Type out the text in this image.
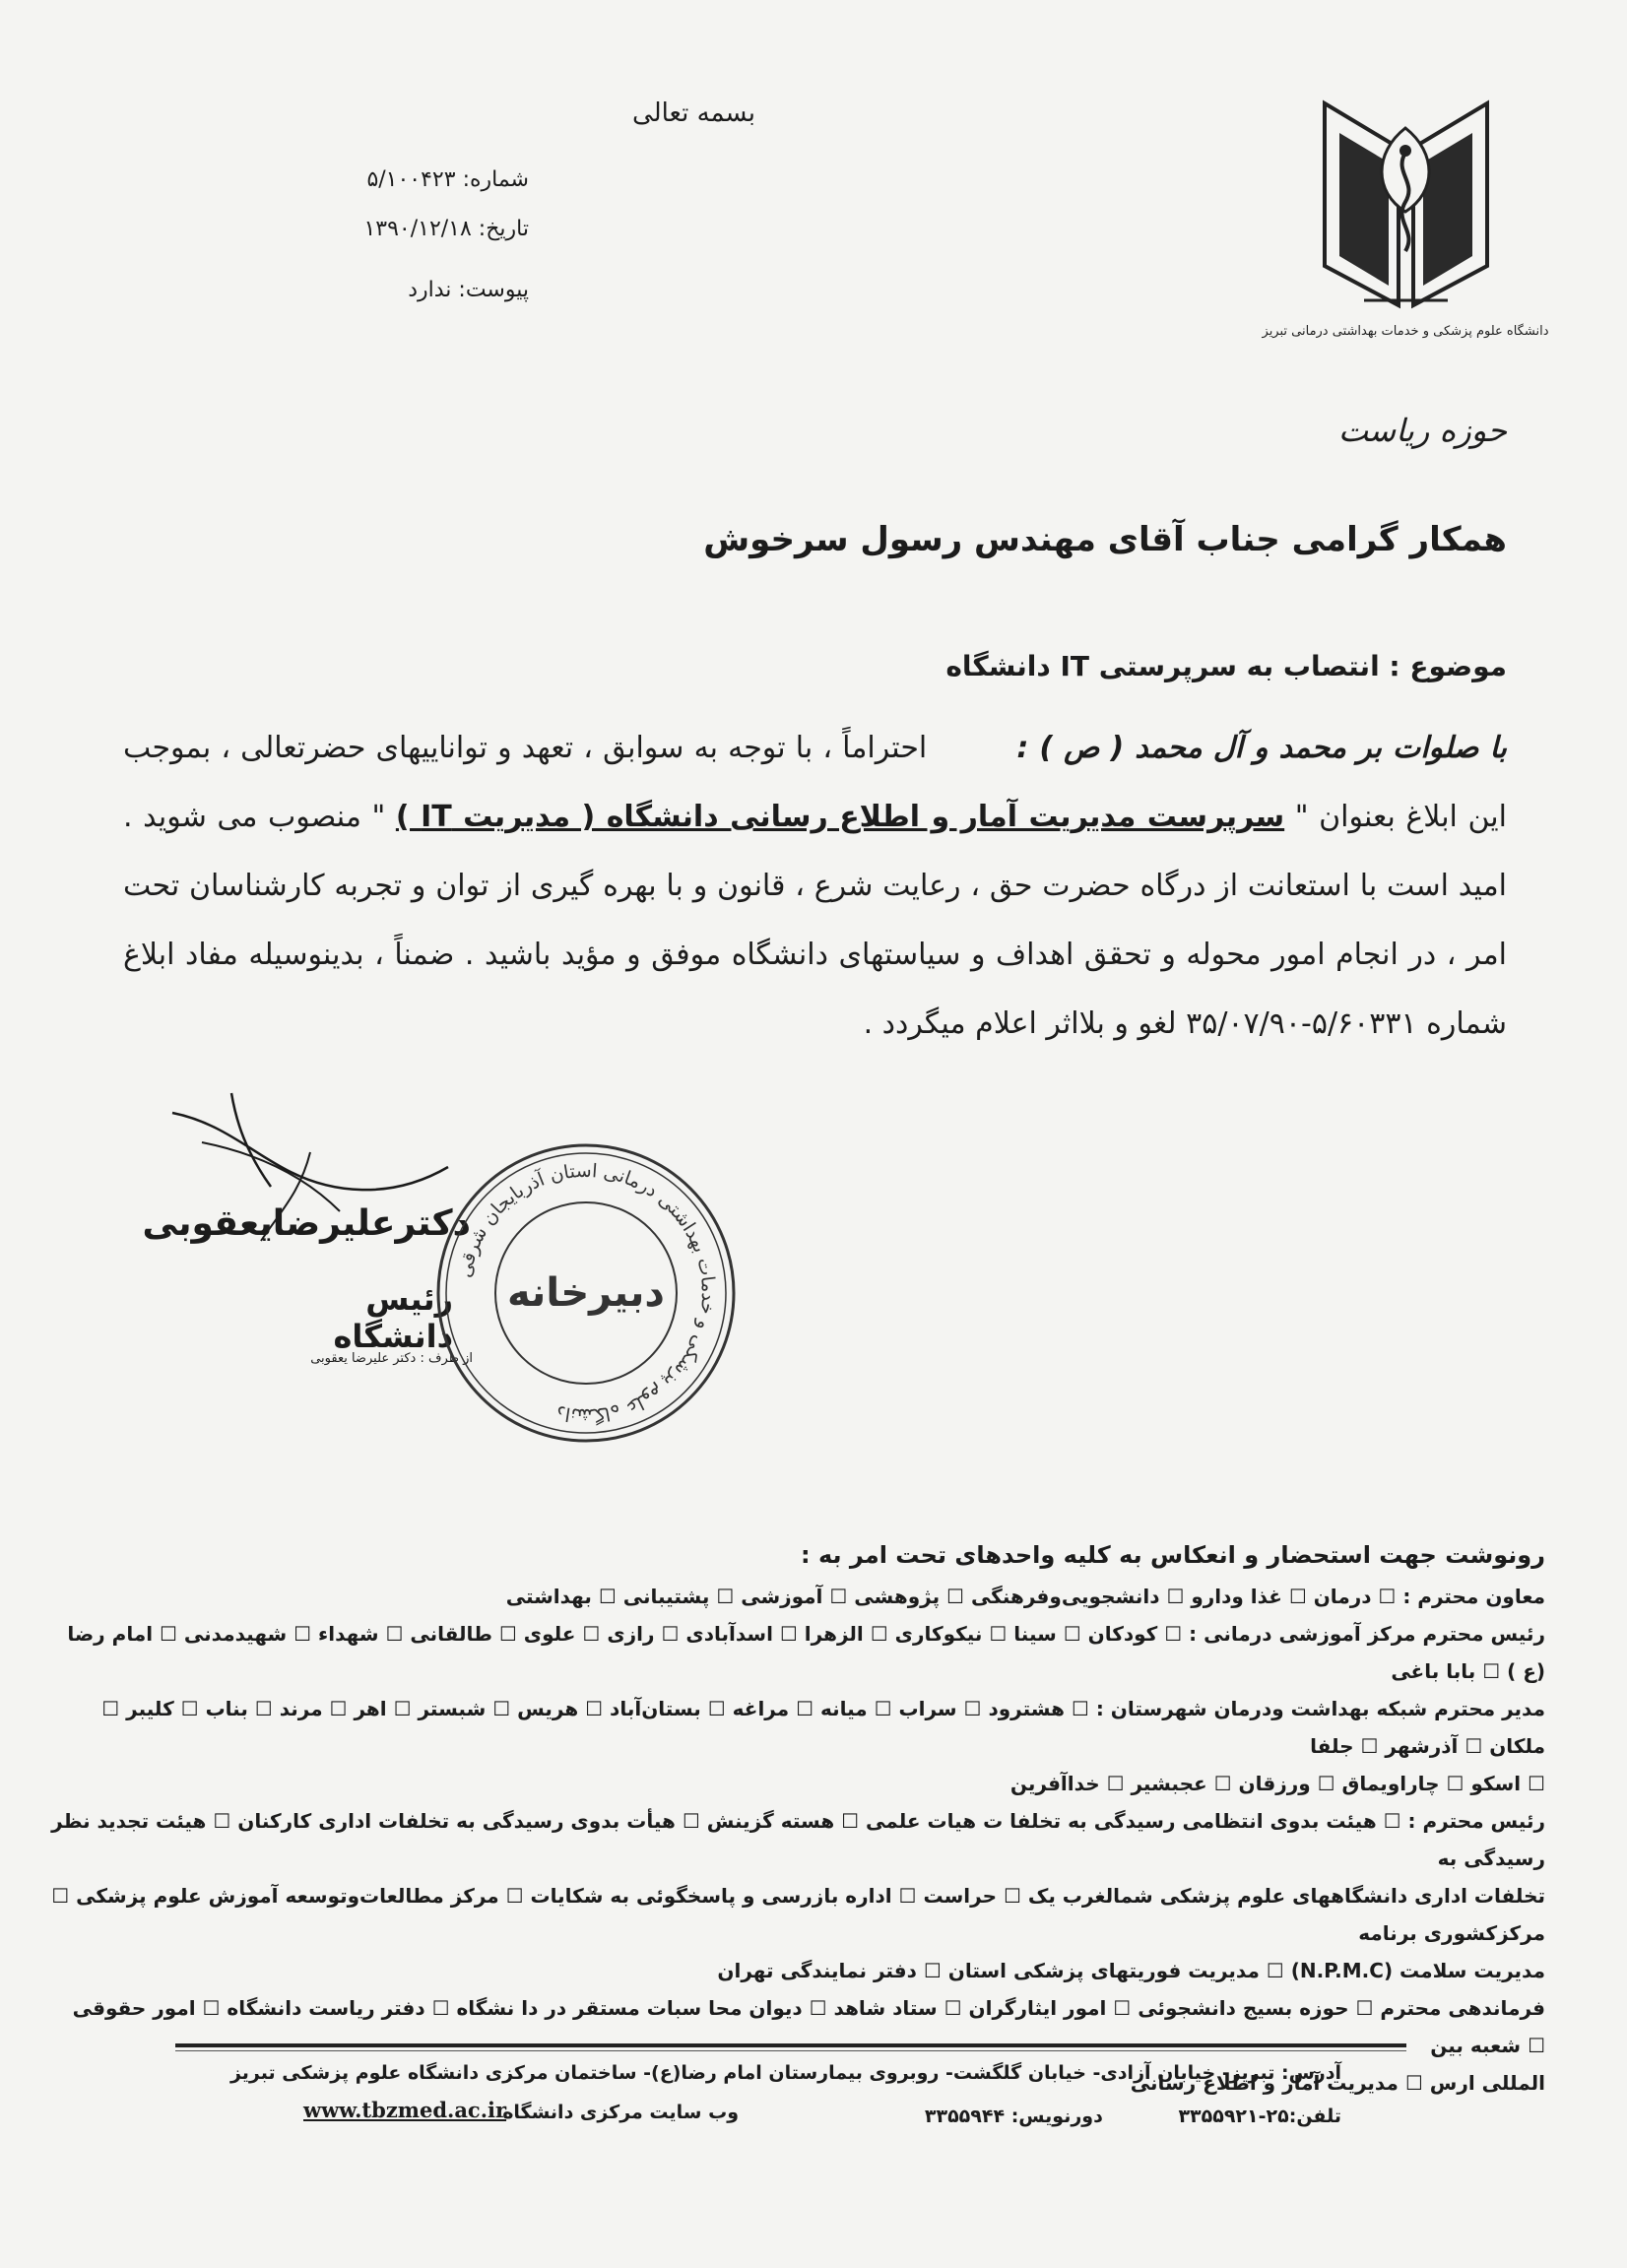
بسمه تعالی
شماره: ۵/۱۰۰۴۲۳
تاریخ: ۱۳۹۰/۱۲/۱۸
پیوست: ندارد
دانشگاه علوم پزشکی و خدمات بهداشتی درمانی تبریز
حوزه ریاست
همکار گرامی جناب آقای مهندس رسول سرخوش
موضوع : انتصاب به سرپرستی IT دانشگاه

با صلوات بر محمد و آل محمد ( ص ) :         احتراماً ، با توجه به سوابق ، تعهد و تواناییهای حضرتعالی ، بموجب این ابلاغ بعنوان " سرپرست مدیریت آمار و اطلاع رسانی دانشگاه ( مدیریت IT ) " منصوب می شوید . امید است با استعانت از درگاه حضرت حق ، رعایت شرع ، قانون و با بهره گیری از توان و تجربه کارشناسان تحت امر ، در انجام امور محوله و تحقق اهداف و سیاستهای دانشگاه موفق و مؤید باشید . ضمناً ، بدینوسیله مفاد ابلاغ شماره ۵/۶۰۳۳۱-۳۵/۰۷/۹۰ لغو و بلااثر اعلام میگردد .

دکترعلیرضایعقوبی
رئیس دانشگاه
از طرف : دکتر علیرضا یعقوبی
دانشگاه علوم پزشکی و خدمات بهداشتی درمانی استان آذربایجان شرقی
دبیرخانه

رونوشت جهت استحضار و انعکاس به کلیه واحدهای تحت امر به :

معاون محترم : ☐ درمان ☐ غذا ودارو ☐ دانشجویی‌وفرهنگی ☐ پژوهشی ☐ آموزشی ☐ پشتیبانی ☐ بهداشتی

رئیس محترم مرکز آموزشی درمانی : ☐ کودکان ☐ سینا ☐ نیکوکاری ☐ الزهرا ☐ اسدآبادی ☐ رازی ☐ علوی ☐ طالقانی ☐ شهداء ☐ شهیدمدنی ☐ امام رضا (ع ) ☐ بابا باغی

مدیر محترم شبکه بهداشت ودرمان شهرستان : ☐ هشترود ☐ سراب ☐ میانه ☐ مراغه ☐ بستان‌آباد ☐ هریس ☐ شبستر ☐ اهر ☐ مرند ☐ بناب ☐ کلیبر ☐ ملکان ☐ آذرشهر ☐ جلفا

☐ اسکو ☐ چاراویماق ☐ ورزقان ☐ عجبشیر ☐ خداآفرین

رئیس محترم : ☐ هیئت بدوی انتظامی رسیدگی به تخلفا ت هیات علمی ☐ هسته گزینش ☐ هیأت بدوی رسیدگی به تخلفات اداری کارکنان ☐ هیئت تجدید نظر رسیدگی به

تخلفات اداری دانشگاههای علوم پزشکی شمالغرب یک ☐ حراست ☐ اداره بازرسی و پاسخگوئی به شکایات ☐ مرکز مطالعات‌وتوسعه آموزش علوم پزشکی ☐ مرکزکشوری برنامه

مدیریت سلامت (N.P.M.C) ☐ مدیریت فوریتهای پزشکی استان ☐ دفتر نمایندگی تهران

فرماندهی محترم ☐ حوزه بسیج دانشجوئی ☐ امور ایثارگران ☐ ستاد شاهد ☐ دیوان محا سبات مستقر در دا نشگاه ☐ دفتر ریاست دانشگاه ☐ امور حقوقی ☐ شعبه بین

المللی ارس ☐ مدیریت آمار و اطلاع رسانی

آدرس: تبریز- خیابان آزادی- خیابان گلگشت- روبروی بیمارستان امام رضا(ع)- ساختمان مرکزی دانشگاه علوم پزشکی تبریز
تلفن:۲۵-۳۳۵۵۹۲۱ دورنویس: ۳۳۵۵۹۴۴
وب سایت مرکزی دانشگاه
www.tbzmed.ac.ir
